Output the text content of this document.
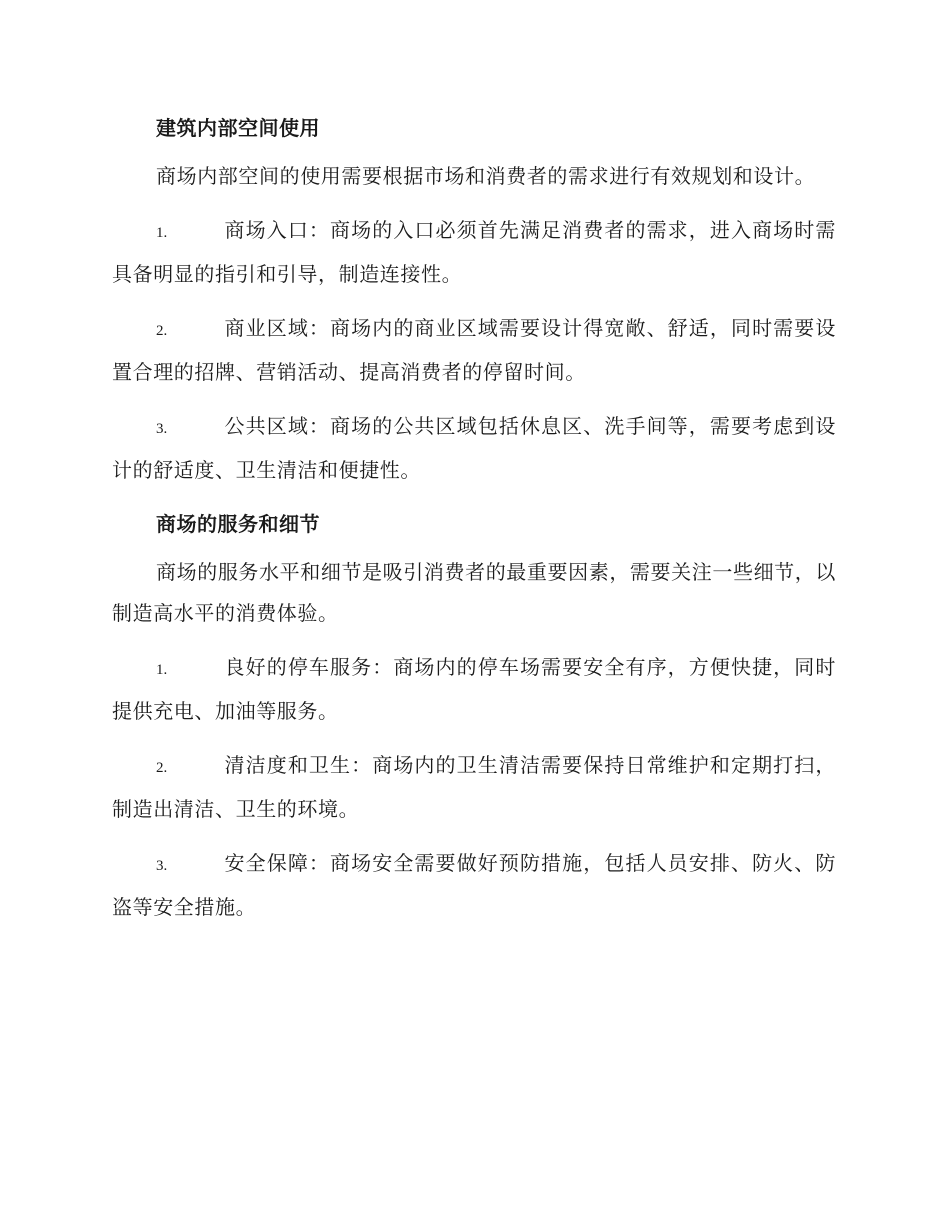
建筑内部空间使用

商场内部空间的使用需要根据市场和消费者的需求进行有效规划和设计。

1.	商场入口：商场的入口必须首先满足消费者的需求，进入商场时需具备明显的指引和引导，制造连接性。

2.	商业区域：商场内的商业区域需要设计得宽敞、舒适，同时需要设置合理的招牌、营销活动、提高消费者的停留时间。

3.	公共区域：商场的公共区域包括休息区、洗手间等，需要考虑到设计的舒适度、卫生清洁和便捷性。

商场的服务和细节

商场的服务水平和细节是吸引消费者的最重要因素，需要关注一些细节，以制造高水平的消费体验。

1.	良好的停车服务：商场内的停车场需要安全有序，方便快捷，同时提供充电、加油等服务。

2.	清洁度和卫生：商场内的卫生清洁需要保持日常维护和定期打扫，制造出清洁、卫生的环境。

3.	安全保障：商场安全需要做好预防措施，包括人员安排、防火、防盗等安全措施。
